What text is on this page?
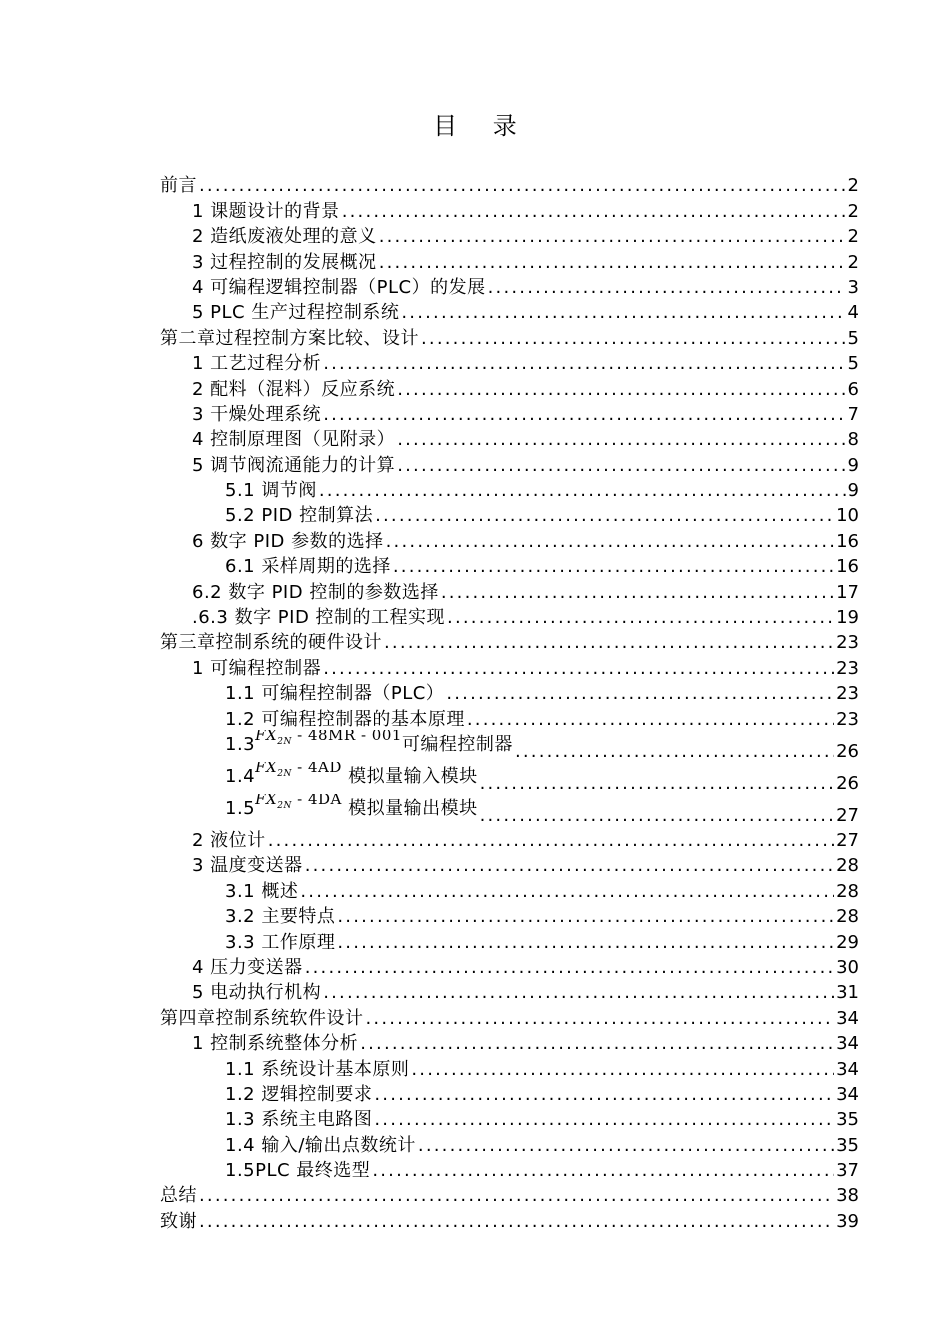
目 录
前言 .....	2
1 课题设计的背景 .....	2
2 造纸废液处理的意义 .....	2
3 过程控制的发展概况 .....	2
4 可编程逻辑控制器（PLC）的发展 .....	3
5 PLC 生产过程控制系统 .....	4
第二章过程控制方案比较、设计 .....	5
1 工艺过程分析 .....	5
2 配料（混料）反应系统 .....	6
3 干燥处理系统 .....	7
4 控制原理图（见附录） .....	8
5 调节阀流通能力的计算 .....	9
5.1 调节阀 .....	9
5.2 PID 控制算法 .....	10
6 数字 PID 参数的选择 .....	16
6.1 采样周期的选择 .....	16
6.2 数字 PID 控制的参数选择 .....	17
.6.3 数字 PID 控制的工程实现 .....	19
第三章控制系统的硬件设计 .....	23
1 可编程控制器 .....	23
1.1 可编程控制器（PLC） .....	23
1.2 可编程控制器的基本原理 .....	23
$1.3^{FX_{2N} - 48MR - 001}$可编程控制器 .....	26
$1.4^{FX_{2N} - 4AD}$ 模拟量输入模块 .....	26
$1.5^{FX_{2N} - 4DA}$ 模拟量输出模块 .....	27
2 液位计 .....	27
3 温度变送器 .....	28
3.1 概述 .....	28
3.2 主要特点 .....	28
3.3 工作原理 .....	29
4 压力变送器 .....	30
5 电动执行机构 .....	31
第四章控制系统软件设计 .....	34
1 控制系统整体分析 .....	34
1.1 系统设计基本原则 .....	34
1.2 逻辑控制要求 .....	34
1.3 系统主电路图 .....	35
1.4 输入/输出点数统计 .....	35
1.5PLC 最终选型 .....	37
总结 .....	38
致谢 .....	39
